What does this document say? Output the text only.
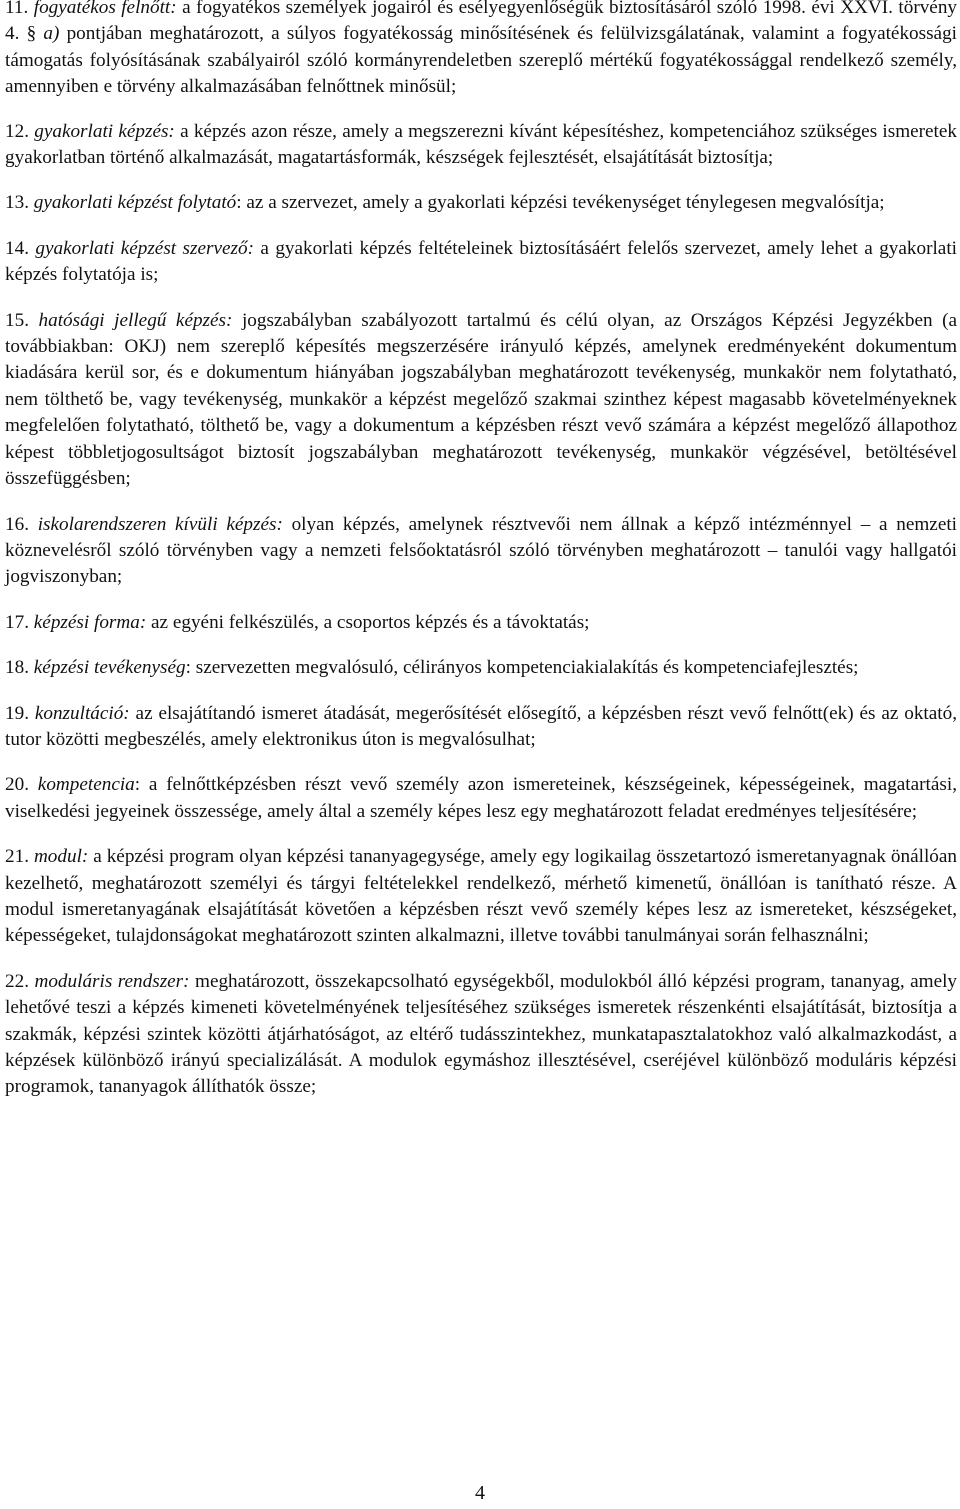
11. fogyatékos felnőtt: a fogyatékos személyek jogairól és esélyegyenlőségük biztosításáról szóló 1998. évi XXVI. törvény 4. § a) pontjában meghatározott, a súlyos fogyatékosság minősítésének és felülvizsgálatának, valamint a fogyatékossági támogatás folyósításának szabályairól szóló kormányrendeletben szereplő mértékű fogyatékossággal rendelkező személy, amennyiben e törvény alkalmazásában felnőttnek minősül;

12. gyakorlati képzés: a képzés azon része, amely a megszerezni kívánt képesítéshez, kompetenciához szükséges ismeretek gyakorlatban történő alkalmazását, magatartásformák, készségek fejlesztését, elsajátítását biztosítja;

13. gyakorlati képzést folytató: az a szervezet, amely a gyakorlati képzési tevékenységet ténylegesen megvalósítja;

14. gyakorlati képzést szervező: a gyakorlati képzés feltételeinek biztosításáért felelős szervezet, amely lehet a gyakorlati képzés folytatója is;

15. hatósági jellegű képzés: jogszabályban szabályozott tartalmú és célú olyan, az Országos Képzési Jegyzékben (a továbbiakban: OKJ) nem szereplő képesítés megszerzésére irányuló képzés, amelynek eredményeként dokumentum kiadására kerül sor, és e dokumentum hiányában jogszabályban meghatározott tevékenység, munkakör nem folytatható, nem tölthető be, vagy tevékenység, munkakör a képzést megelőző szakmai szinthez képest magasabb követelményeknek megfelelően folytatható, tölthető be, vagy a dokumentum a képzésben részt vevő számára a képzést megelőző állapothoz képest többletjogosultságot biztosít jogszabályban meghatározott tevékenység, munkakör végzésével, betöltésével összefüggésben;

16. iskolarendszeren kívüli képzés: olyan képzés, amelynek résztvevői nem állnak a képző intézménnyel – a nemzeti köznevelésről szóló törvényben vagy a nemzeti felsőoktatásról szóló törvényben meghatározott – tanulói vagy hallgatói jogviszonyban;

17. képzési forma: az egyéni felkészülés, a csoportos képzés és a távoktatás;

18. képzési tevékenység: szervezetten megvalósuló, célirányos kompetenciakialakítás és kompetenciafejlesztés;

19. konzultáció: az elsajátítandó ismeret átadását, megerősítését elősegítő, a képzésben részt vevő felnőtt(ek) és az oktató, tutor közötti megbeszélés, amely elektronikus úton is megvalósulhat;

20. kompetencia: a felnőttképzésben részt vevő személy azon ismereteinek, készségeinek, képességeinek, magatartási, viselkedési jegyeinek összessége, amely által a személy képes lesz egy meghatározott feladat eredményes teljesítésére;

21. modul: a képzési program olyan képzési tananyagegysége, amely egy logikailag összetartozó ismeretanyagnak önállóan kezelhető, meghatározott személyi és tárgyi feltételekkel rendelkező, mérhető kimenetű, önállóan is tanítható része. A modul ismeretanyagának elsajátítását követően a képzésben részt vevő személy képes lesz az ismereteket, készségeket, képességeket, tulajdonságokat meghatározott szinten alkalmazni, illetve további tanulmányai során felhasználni;

22. moduláris rendszer: meghatározott, összekapcsolható egységekből, modulokból álló képzési program, tananyag, amely lehetővé teszi a képzés kimeneti követelményének teljesítéséhez szükséges ismeretek részenkénti elsajátítását, biztosítja a szakmák, képzési szintek közötti átjárhatóságot, az eltérő tudásszintekhez, munkatapasztalatokhoz való alkalmazkodást, a képzések különböző irányú specializálását. A modulok egymáshoz illesztésével, cseréjével különböző moduláris képzési programok, tananyagok állíthatók össze;

4
